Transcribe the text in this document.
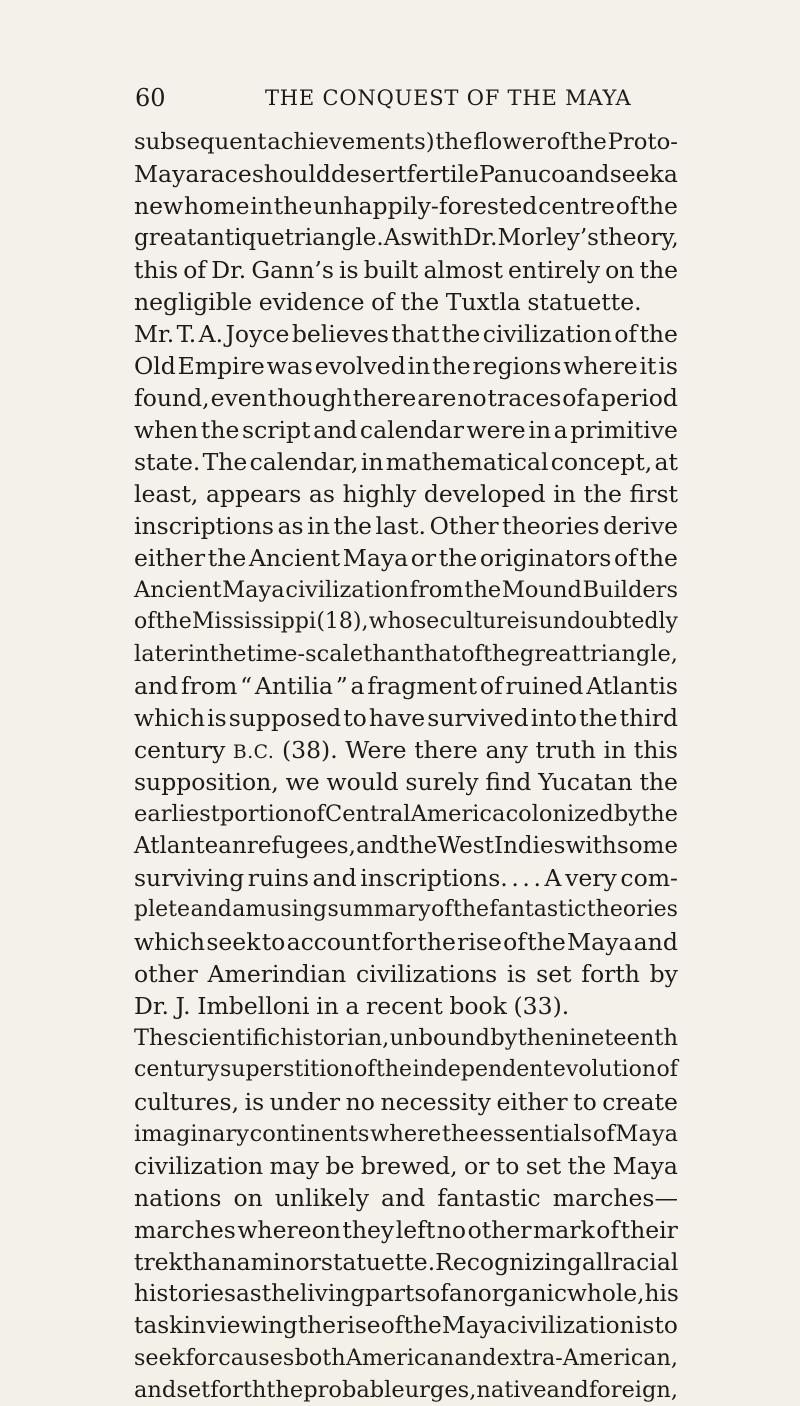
60	THE CONQUEST OF THE MAYA
subsequent achievements) the flower of the Proto-
Maya race should desert fertile Panuco and seek a
new home in the unhappily-forested centre of the
great antique triangle. As with Dr. Morley’s theory,
this of Dr. Gann’s is built almost entirely on the
negligible evidence of the Tuxtla statuette.
Mr. T. A. Joyce believes that the civilization of the
Old Empire was evolved in the regions where it is
found, even though there are no traces of a period
when the script and calendar were in a primitive
state. The calendar, in mathematical concept, at
least, appears as highly developed in the first
inscriptions as in the last. Other theories derive
either the Ancient Maya or the originators of the
Ancient Maya civilization from the Mound Builders
of the Mississippi (18), whose culture is undoubtedly
later in the time-scale than that of the great triangle,
and from “ Antilia ” a fragment of ruined Atlantis
which is supposed to have survived into the third
century B.C. (38). Were there any truth in this
supposition, we would surely find Yucatan the
earliest portion of Central America colonized by the
Atlantean refugees, and the West Indies with some
surviving ruins and inscriptions. . . . A very com-
plete and amusing summary of the fantastic theories
which seek to account for the rise of the Maya and
other Amerindian civilizations is set forth by
Dr. J. Imbelloni in a recent book (33).
The scientific historian, unbound by the nineteenth
century superstition of the independent evolution of
cultures, is under no necessity either to create
imaginary continents where the essentials of Maya
civilization may be brewed, or to set the Maya
nations on unlikely and fantastic marches—
marches whereon they left no other mark of their
trek than a minor statuette. Recognizing all racial
histories as the living parts of an organic whole, his
task in viewing the rise of the Maya civilization is to
seek for causes both American and extra-American,
and set forth the probable urges, native and foreign,
